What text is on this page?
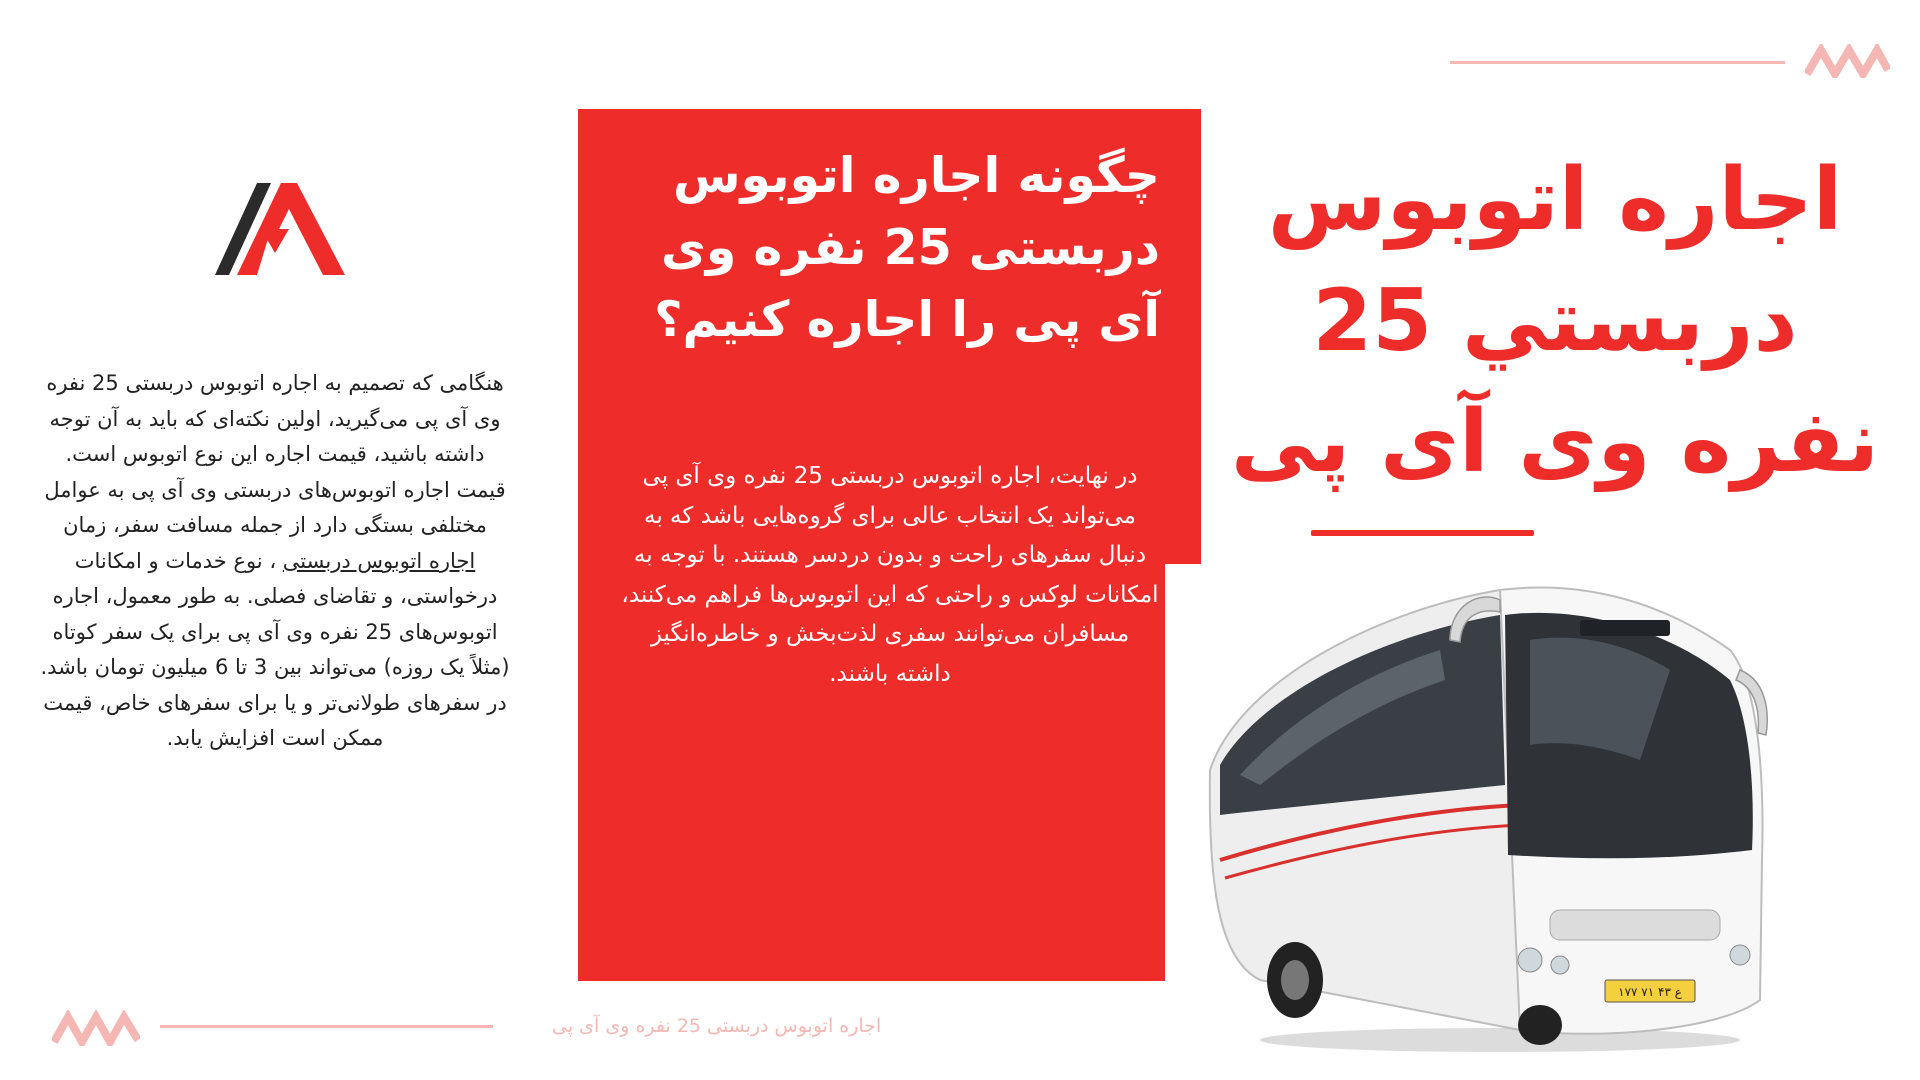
هنگامی که تصمیم به اجاره اتوبوس دربستی 25 نفره وی آی پی می‌گیرید، اولین نکته‌ای که باید به آن توجه داشته باشید، قیمت اجاره این نوع اتوبوس است. قیمت اجاره اتوبوس‌های دربستی وی آی پی به عوامل مختلفی بستگی دارد از جمله مسافت سفر، زمان اجاره اتوبوس دربستی ، نوع خدمات و امکانات درخواستی، و تقاضای فصلی. به طور معمول، اجاره اتوبوس‌های 25 نفره وی آی پی برای یک سفر کوتاه (مثلاً یک روزه) می‌تواند بین 3 تا 6 میلیون تومان باشد. در سفرهای طولانی‌تر و یا برای سفرهای خاص، قیمت ممکن است افزایش یابد.
چگونه اجاره اتوبوس دربستی 25 نفره وی آی پی را اجاره کنیم؟
در نهایت، اجاره اتوبوس دربستی 25 نفره وی آی پی می‌تواند یک انتخاب عالی برای گروه‌هایی باشد که به دنبال سفرهای راحت و بدون دردسر هستند. با توجه به امکانات لوکس و راحتی که این اتوبوس‌ها فراهم می‌کنند، مسافران می‌توانند سفری لذت‌بخش و خاطره‌انگیز داشته باشند.
اجاره اتوبوس دربستي 25 نفره وی آی پی
۱۷۷ ع ۴۳ ۷۱
اجاره اتوبوس دربستی 25 نفره وی آی پی
